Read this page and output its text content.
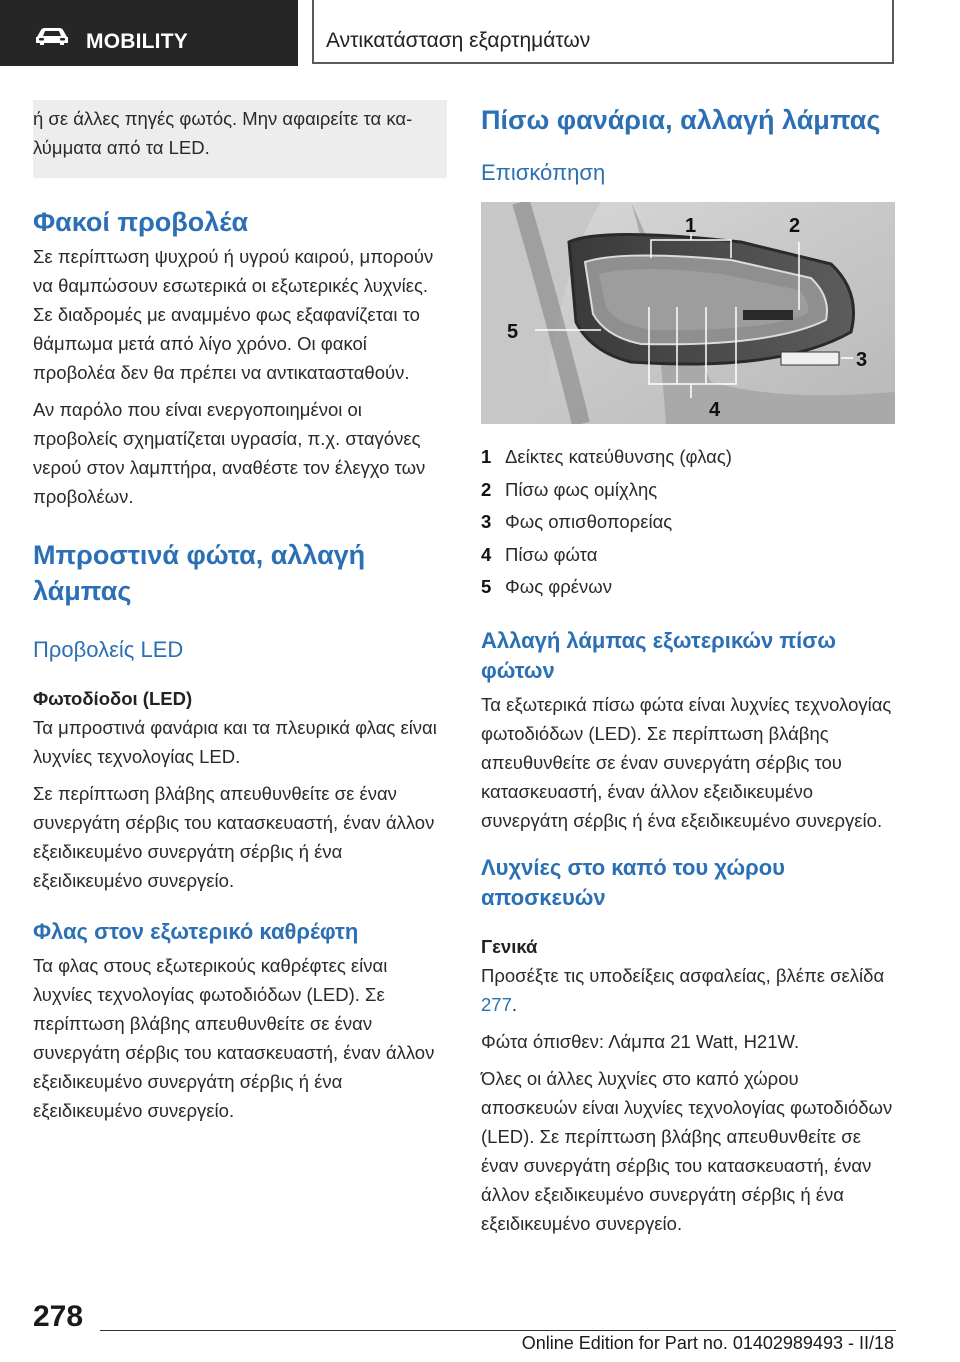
MOBILITY	Αντικατάσταση εξαρτημάτων
ή σε άλλες πηγές φωτός. Μην αφαιρείτε τα κα‐
λύμματα από τα LED.
Φακοί προβολέα

Σε περίπτωση ψυχρού ή υγρού καιρού, μπορούν να θαμπώσουν εσωτερικά οι εξωτερικές λυχνίες. Σε διαδρομές με αναμμένο φως εξαφανίζεται το θάμπωμα μετά από λίγο χρόνο. Οι φακοί προβολέα δεν θα πρέπει να αντικατασταθούν.

Αν παρόλο που είναι ενεργοποιημένοι οι προβολείς σχηματίζεται υγρασία, π.χ. σταγόνες νερού στον λαμπτήρα, αναθέστε τον έλεγχο των προβολέων.

Μπροστινά φώτα, αλλαγή
λάμπας
Προβολείς LED
Φωτοδίοδοι (LED)

Τα μπροστινά φανάρια και τα πλευρικά φλας είναι λυχνίες τεχνολογίας LED.

Σε περίπτωση βλάβης απευθυνθείτε σε έναν συνεργάτη σέρβις του κατασκευαστή, έναν άλλον εξειδικευμένο συνεργάτη σέρβις ή ένα εξειδικευμένο συνεργείο.

Φλας στον εξωτερικό καθρέφτη

Τα φλας στους εξωτερικούς καθρέφτες είναι λυχνίες τεχνολογίας φωτοδιόδων (LED). Σε περίπτωση βλάβης απευθυνθείτε σε έναν συνεργάτη σέρβις του κατασκευαστή, έναν άλλον εξειδικευμένο συνεργάτη σέρβις ή ένα εξειδικευμένο συνεργείο.

Πίσω φανάρια, αλλαγή λάμπας
Επισκόπηση
1	2
3
4
5
1 Δείκτες κατεύθυνσης (φλας)
2 Πίσω φως ομίχλης
3 Φως οπισθοπορείας
4 Πίσω φώτα
5 Φως φρένων
Αλλαγή λάμπας εξωτερικών πίσω
φώτων

Τα εξωτερικά πίσω φώτα είναι λυχνίες τεχνολογίας φωτοδιόδων (LED). Σε περίπτωση βλάβης απευθυνθείτε σε έναν συνεργάτη σέρβις του κατασκευαστή, έναν άλλον εξειδικευμένο συνεργάτη σέρβις ή ένα εξειδικευμένο συνεργείο.

Λυχνίες στο καπό του χώρου
αποσκευών
Γενικά

Προσέξτε τις υποδείξεις ασφαλείας, βλέπε σελίδα 277.

Φώτα όπισθεν: Λάμπα 21 Watt, H21W.

Όλες οι άλλες λυχνίες στο καπό χώρου αποσκευών είναι λυχνίες τεχνολογίας φωτοδιόδων (LED). Σε περίπτωση βλάβης απευθυνθείτε σε έναν συνεργάτη σέρβις του κατασκευαστή, έναν άλλον εξειδικευμένο συνεργάτη σέρβις ή ένα εξειδικευμένο συνεργείο.

278
Online Edition for Part no. 01402989493 - II/18
